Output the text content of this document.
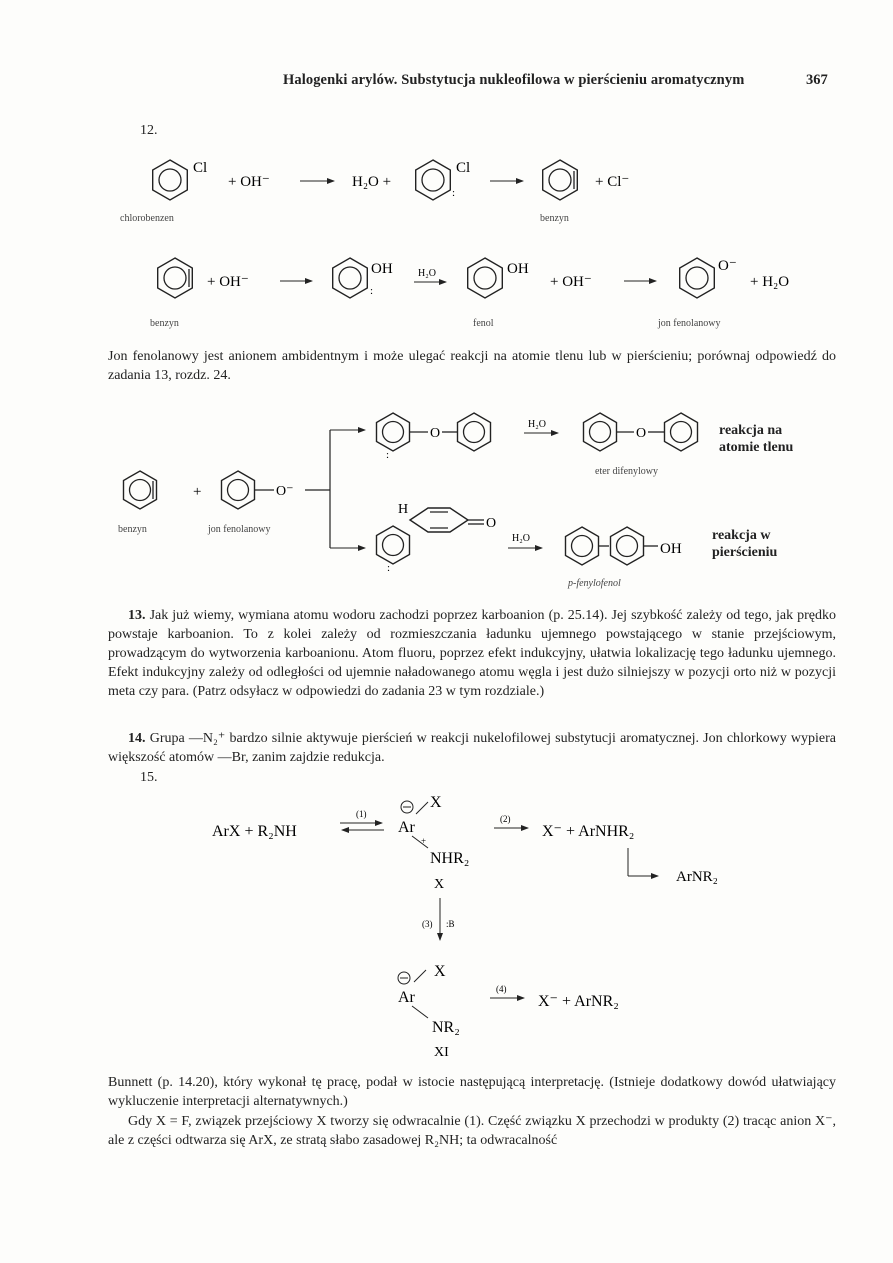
Halogenki arylów. Substytucja nukleofilowa w pierścieniu aromatycznym	367
12.
Cl
+ OH⁻	H₂O +
Cl
:
+ Cl⁻
chlorobenzen	benzyn
+ OH⁻
OH
:
H₂O	OH
+ OH⁻
O⁻
+ H₂O
benzyn	fenol	jon fenolanowy
Jon fenolanowy jest anionem ambidentnym i może ulegać reakcji na atomie tlenu lub w pierścieniu; porównaj odpowiedź do zadania 13, rozdz. 24.
+	O⁻
benzyn	jon fenolanowy
:
O
H₂O
O
eter difenylowy
H
:
O
H₂O
OH
p-fenylofenol
reakcja na atomie tlenu
reakcja w pierścieniu
13. Jak już wiemy, wymiana atomu wodoru zachodzi poprzez karboanion (p. 25.14). Jej szybkość zależy od tego, jak prędko powstaje karboanion. To z kolei zależy od rozmieszczania ładunku ujemnego powstającego w stanie przejściowym, prowadzącym do wytworzenia karboanionu. Atom fluoru, poprzez efekt indukcyjny, ułatwia lokalizację tego ładunku ujemnego. Efekt indukcyjny zależy od odległości od ujemnie naładowanego atomu węgla i jest dużo silniejszy w pozycji orto niż w pozycji meta czy para. (Patrz odsyłacz w odpowiedzi do zadania 23 w tym rozdziale.)
14. Grupa —N₂⁺ bardzo silnie aktywuje pierścień w reakcji nukelofilowej substytucji aromatycznej. Jon chlorkowy wypiera większość atomów —Br, zanim zajdzie redukcja.
15.
ArX + R₂NH
(1)
X
Ar
+
NHR₂
X
(2)
X⁻ + ArNHR₂
ArNR₂
(3) :B
X
Ar
NR₂
XI
(4)
X⁻ + ArNR₂
Bunnett (p. 14.20), który wykonał tę pracę, podał w istocie następującą interpretację. (Istnieje dodatkowy dowód ułatwiający wykluczenie interpretacji alternatywnych.)
Gdy X = F, związek przejściowy X tworzy się odwracalnie (1). Część związku X przechodzi w produkty (2) tracąc anion X⁻, ale z części odtwarza się ArX, ze stratą słabo zasadowej R₂NH; ta odwracalność
